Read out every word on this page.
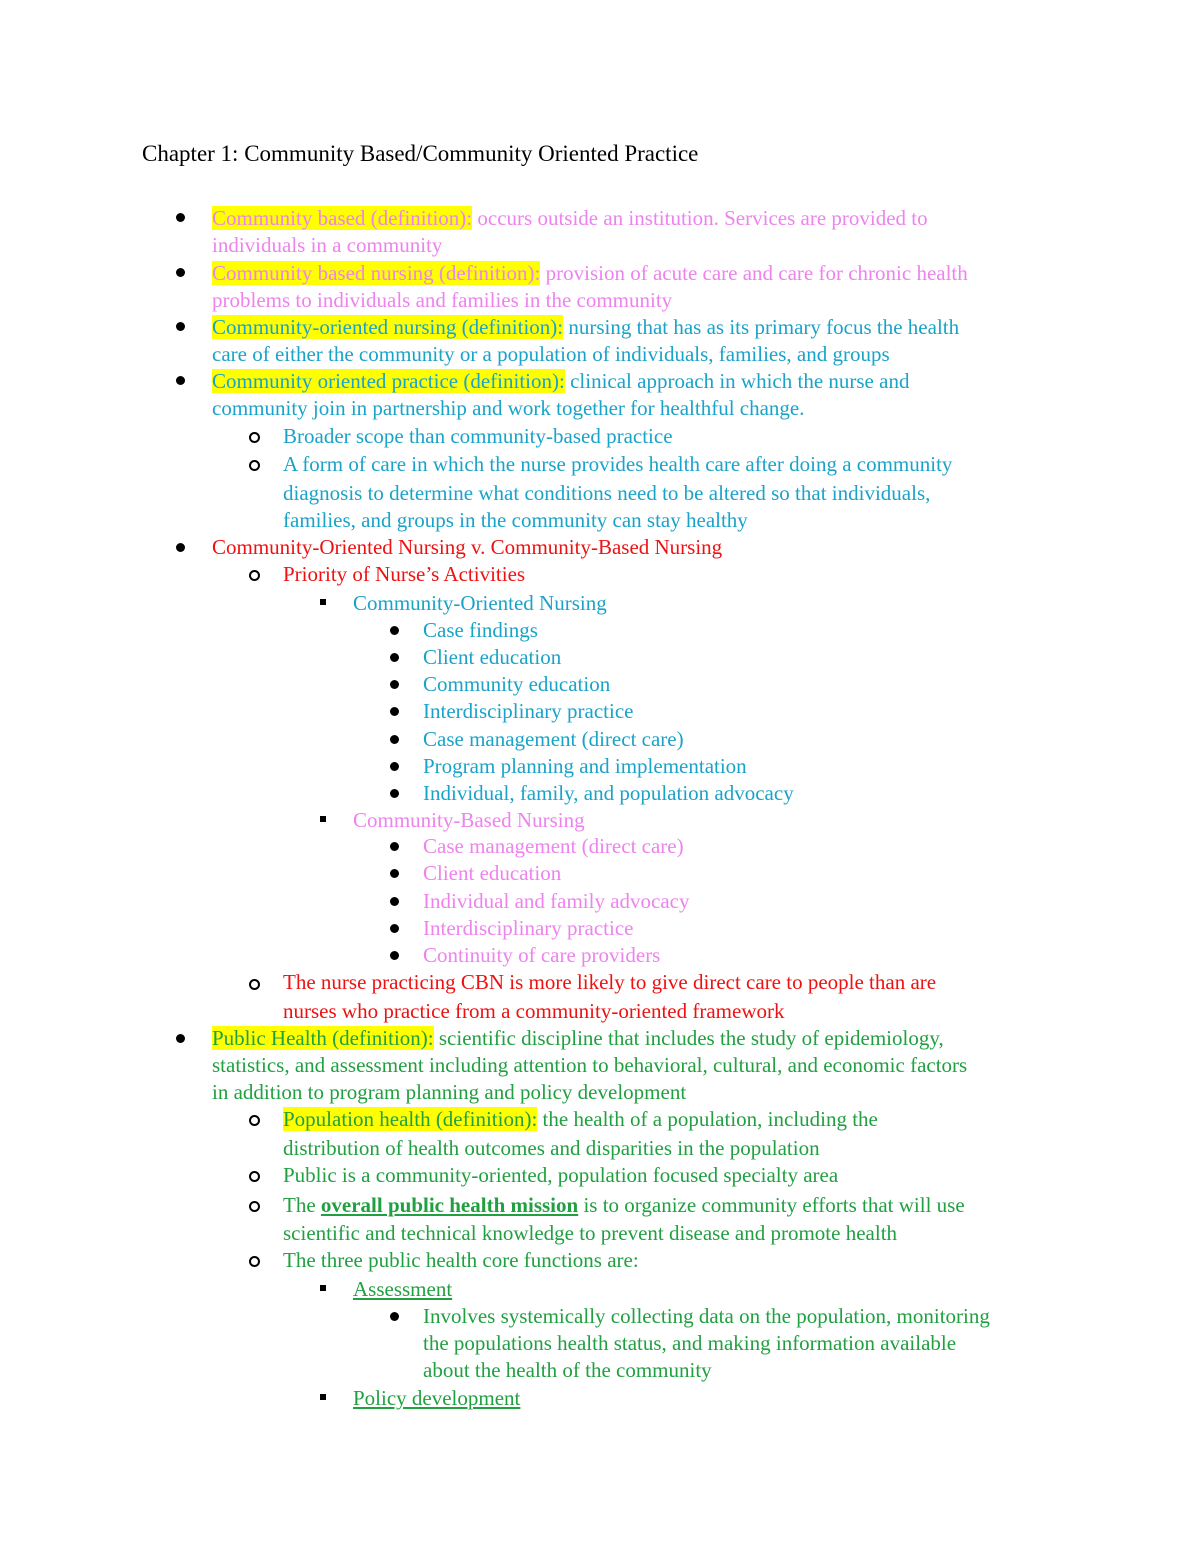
Chapter 1: Community Based/Community Oriented Practice

Community based (definition): occurs outside an institution. Services are provided to

individuals in a community

Community based nursing (definition): provision of acute care and care for chronic health

problems to individuals and families in the community

Community-oriented nursing (definition): nursing that has as its primary focus the health

care of either the community or a population of individuals, families, and groups

Community oriented practice (definition): clinical approach in which the nurse and

community join in partnership and work together for healthful change.

Broader scope than community-based practice

A form of care in which the nurse provides health care after doing a community

diagnosis to determine what conditions need to be altered so that individuals,

families, and groups in the community can stay healthy

Community-Oriented Nursing v. Community-Based Nursing

Priority of Nurse’s Activities

Community-Oriented Nursing

Case findings

Client education

Community education

Interdisciplinary practice

Case management (direct care)

Program planning and implementation

Individual, family, and population advocacy

Community-Based Nursing

Case management (direct care)

Client education

Individual and family advocacy

Interdisciplinary practice

Continuity of care providers

The nurse practicing CBN is more likely to give direct care to people than are

nurses who practice from a community-oriented framework

Public Health (definition): scientific discipline that includes the study of epidemiology,

statistics, and assessment including attention to behavioral, cultural, and economic factors

in addition to program planning and policy development

Population health (definition): the health of a population, including the

distribution of health outcomes and disparities in the population

Public is a community-oriented, population focused specialty area

The overall public health mission is to organize community efforts that will use

scientific and technical knowledge to prevent disease and promote health

The three public health core functions are:

Assessment

Involves systemically collecting data on the population, monitoring

the populations health status, and making information available

about the health of the community

Policy development
